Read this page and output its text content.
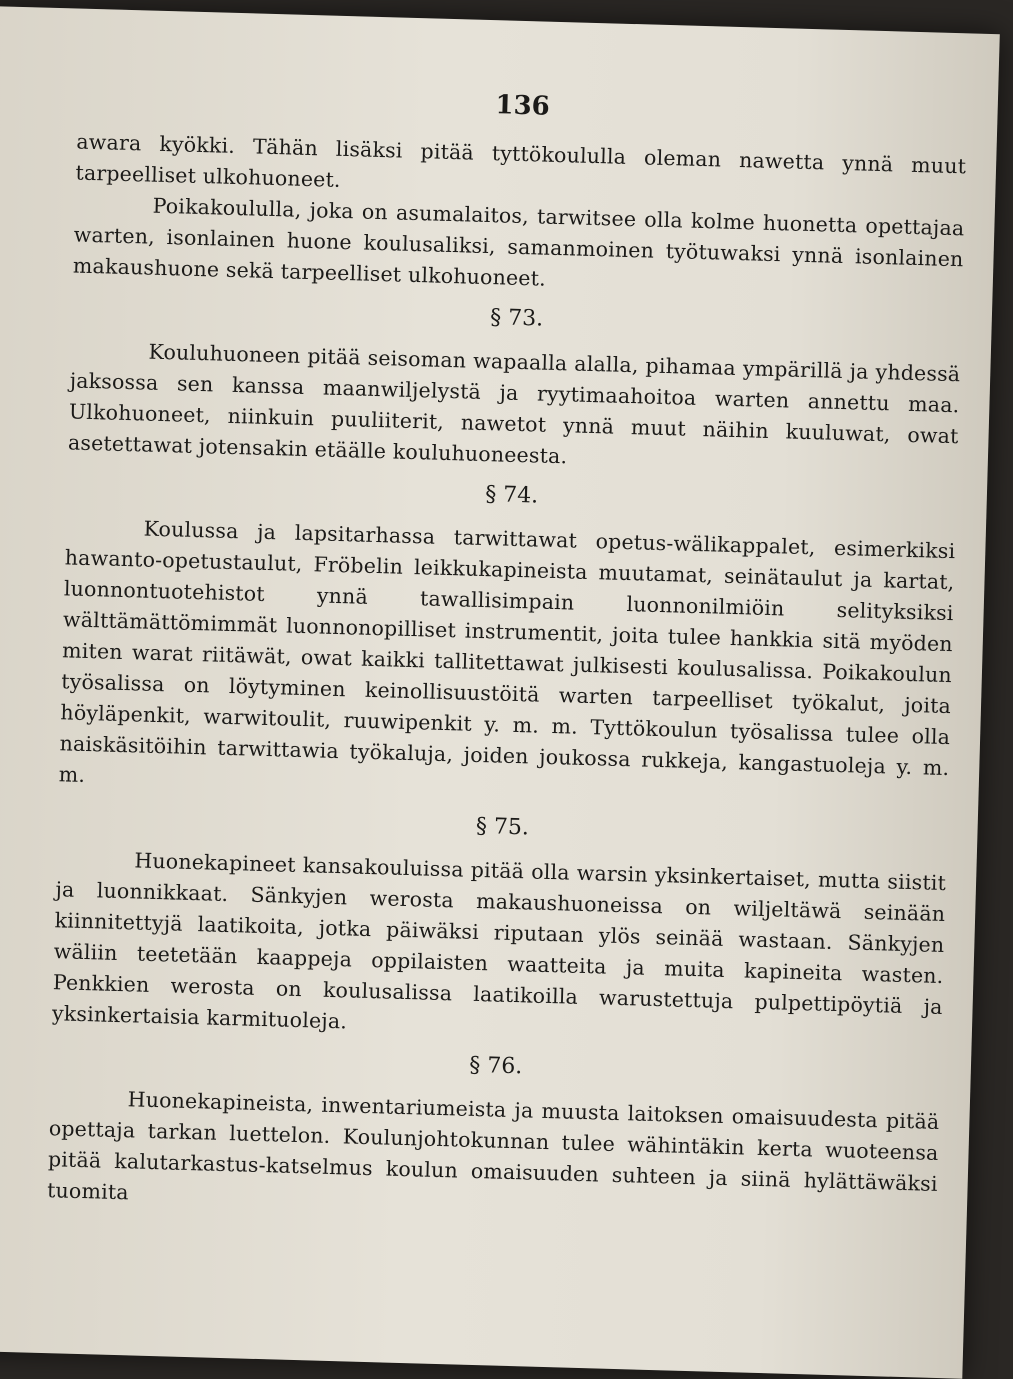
136

awara kyökki. Tähän lisäksi pitää tyttökoululla oleman nawetta ynnä muut tarpeelliset ulkohuoneet.

Poikakoululla, joka on asumalaitos, tarwitsee olla kolme huonetta opettajaa warten, isonlainen huone koulusaliksi, samanmoinen työtuwaksi ynnä isonlainen makaushuone sekä tarpeelliset ulkohuoneet.

§ 73.

Kouluhuoneen pitää seisoman wapaalla alalla, pihamaa ympärillä ja yhdessä jaksossa sen kanssa maanwiljelystä ja ryytimaahoitoa warten annettu maa. Ulkohuoneet, niinkuin puuliiterit, nawetot ynnä muut näihin kuuluwat, owat asetettawat jotensakin etäälle kouluhuoneesta.

§ 74.

Koulussa ja lapsitarhassa tarwittawat opetus-wälikappalet, esimerkiksi hawanto-opetustaulut, Fröbelin leikkukapineista muutamat, seinätaulut ja kartat, luonnontuotehistot ynnä tawallisimpain luonnonilmiöin selityksiksi wälttämättömimmät luonnonopilliset instrumentit, joita tulee hankkia sitä myöden miten warat riitäwät, owat kaikki tallitettawat julkisesti koulusalissa. Poikakoulun työsalissa on löytyminen keinollisuustöitä warten tarpeelliset työkalut, joita höyläpenkit, warwitoulit, ruuwipenkit y. m. m. Tyttökoulun työsalissa tulee olla naiskäsitöihin tarwittawia työkaluja, joiden joukossa rukkeja, kangastuoleja y. m. m.

§ 75.

Huonekapineet kansakouluissa pitää olla warsin yksinkertaiset, mutta siistit ja luonnikkaat. Sänkyjen werosta makaushuoneissa on wiljeltäwä seinään kiinnitettyjä laatikoita, jotka päiwäksi riputaan ylös seinää wastaan. Sänkyjen wäliin teetetään kaappeja oppilaisten waatteita ja muita kapineita wasten. Penkkien werosta on koulusalissa laatikoilla warustettuja pulpettipöytiä ja yksinkertaisia karmituoleja.

§ 76.

Huonekapineista, inwentariumeista ja muusta laitoksen omaisuudesta pitää opettaja tarkan luettelon. Koulunjohtokunnan tulee wähintäkin kerta wuoteensa pitää kalutarkastus-katselmus koulun omaisuuden suhteen ja siinä hylättäwäksi tuomita
